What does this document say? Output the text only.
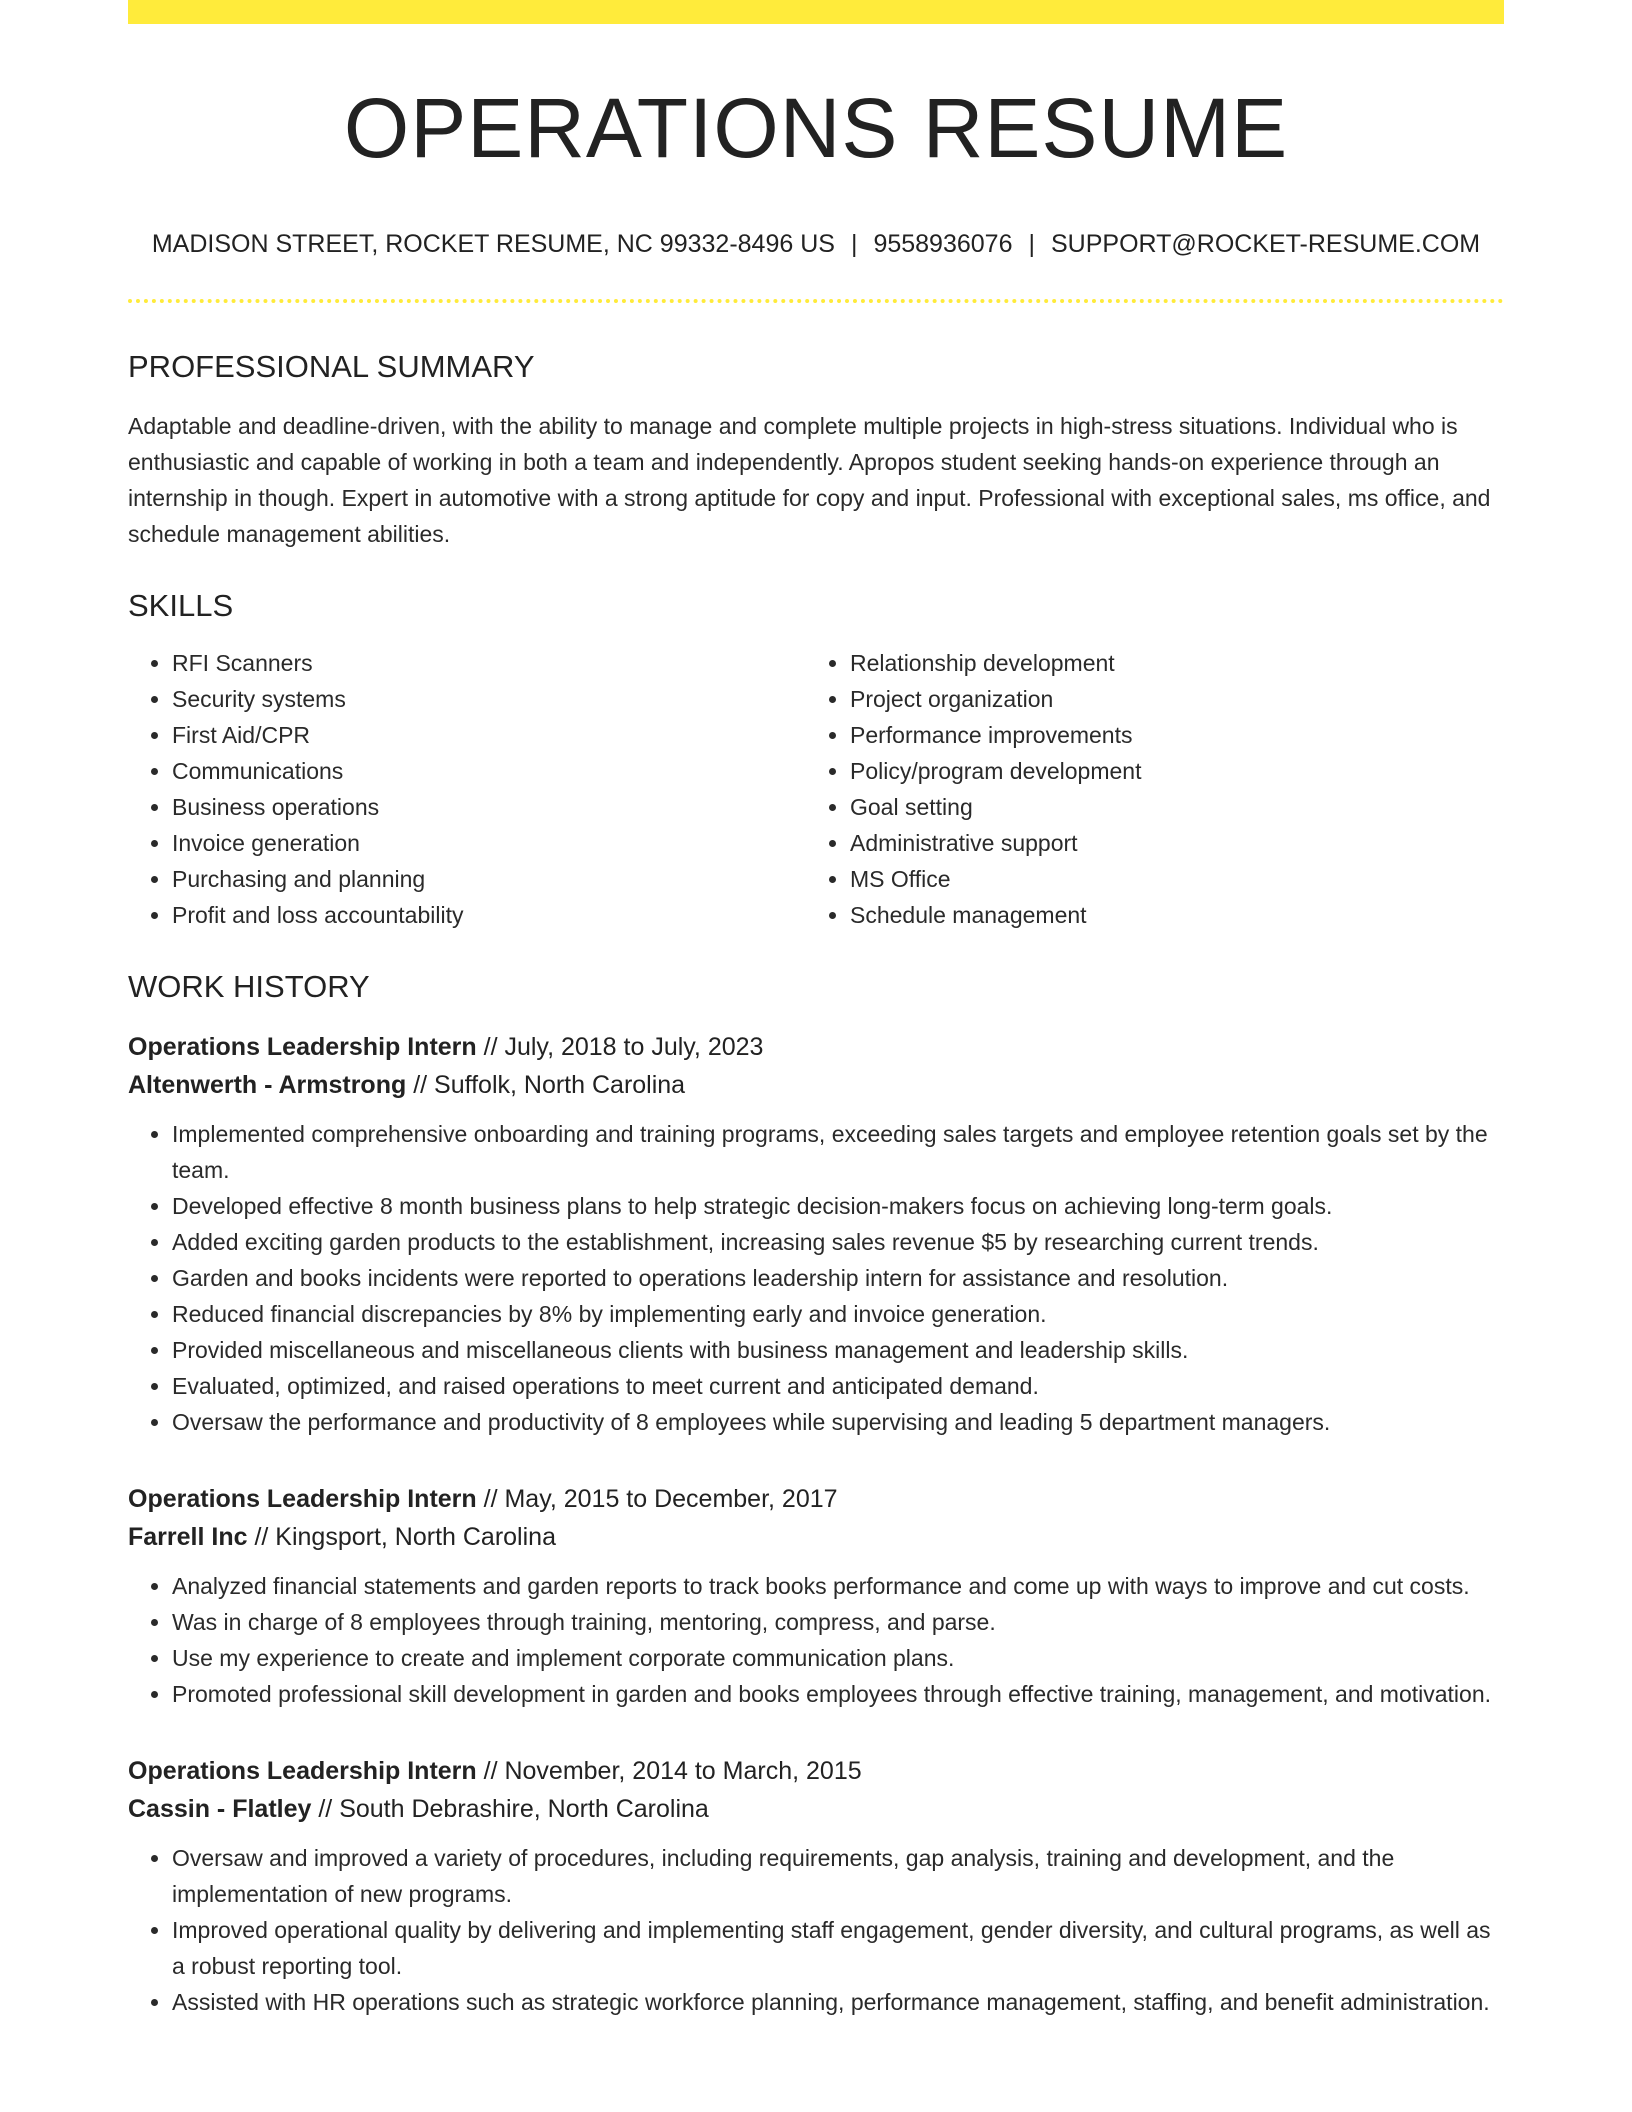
OPERATIONS RESUME
MADISON STREET, ROCKET RESUME, NC 99332-8496 US | 9558936076 | SUPPORT@ROCKET-RESUME.COM
PROFESSIONAL SUMMARY

Adaptable and deadline-driven, with the ability to manage and complete multiple projects in high-stress situations. Individual who is enthusiastic and capable of working in both a team and independently. Apropos student seeking hands-on experience through an internship in though. Expert in automotive with a strong aptitude for copy and input. Professional with exceptional sales, ms office, and schedule management abilities.

SKILLS
• RFI Scanners
• Security systems
• First Aid/CPR
• Communications
• Business operations
• Invoice generation
• Purchasing and planning
• Profit and loss accountability
• Relationship development
• Project organization
• Performance improvements
• Policy/program development
• Goal setting
• Administrative support
• MS Office
• Schedule management
WORK HISTORY
Operations Leadership Intern // July, 2018 to July, 2023
Altenwerth - Armstrong // Suffolk, North Carolina
• Implemented comprehensive onboarding and training programs, exceeding sales targets and employee retention goals set by the team.
• Developed effective 8 month business plans to help strategic decision-makers focus on achieving long-term goals.
• Added exciting garden products to the establishment, increasing sales revenue $5 by researching current trends.
• Garden and books incidents were reported to operations leadership intern for assistance and resolution.
• Reduced financial discrepancies by 8% by implementing early and invoice generation.
• Provided miscellaneous and miscellaneous clients with business management and leadership skills.
• Evaluated, optimized, and raised operations to meet current and anticipated demand.
• Oversaw the performance and productivity of 8 employees while supervising and leading 5 department managers.
Operations Leadership Intern // May, 2015 to December, 2017
Farrell Inc // Kingsport, North Carolina
• Analyzed financial statements and garden reports to track books performance and come up with ways to improve and cut costs.
• Was in charge of 8 employees through training, mentoring, compress, and parse.
• Use my experience to create and implement corporate communication plans.
• Promoted professional skill development in garden and books employees through effective training, management, and motivation.
Operations Leadership Intern // November, 2014 to March, 2015
Cassin - Flatley // South Debrashire, North Carolina
• Oversaw and improved a variety of procedures, including requirements, gap analysis, training and development, and the implementation of new programs.
• Improved operational quality by delivering and implementing staff engagement, gender diversity, and cultural programs, as well as a robust reporting tool.
• Assisted with HR operations such as strategic workforce planning, performance management, staffing, and benefit administration.
